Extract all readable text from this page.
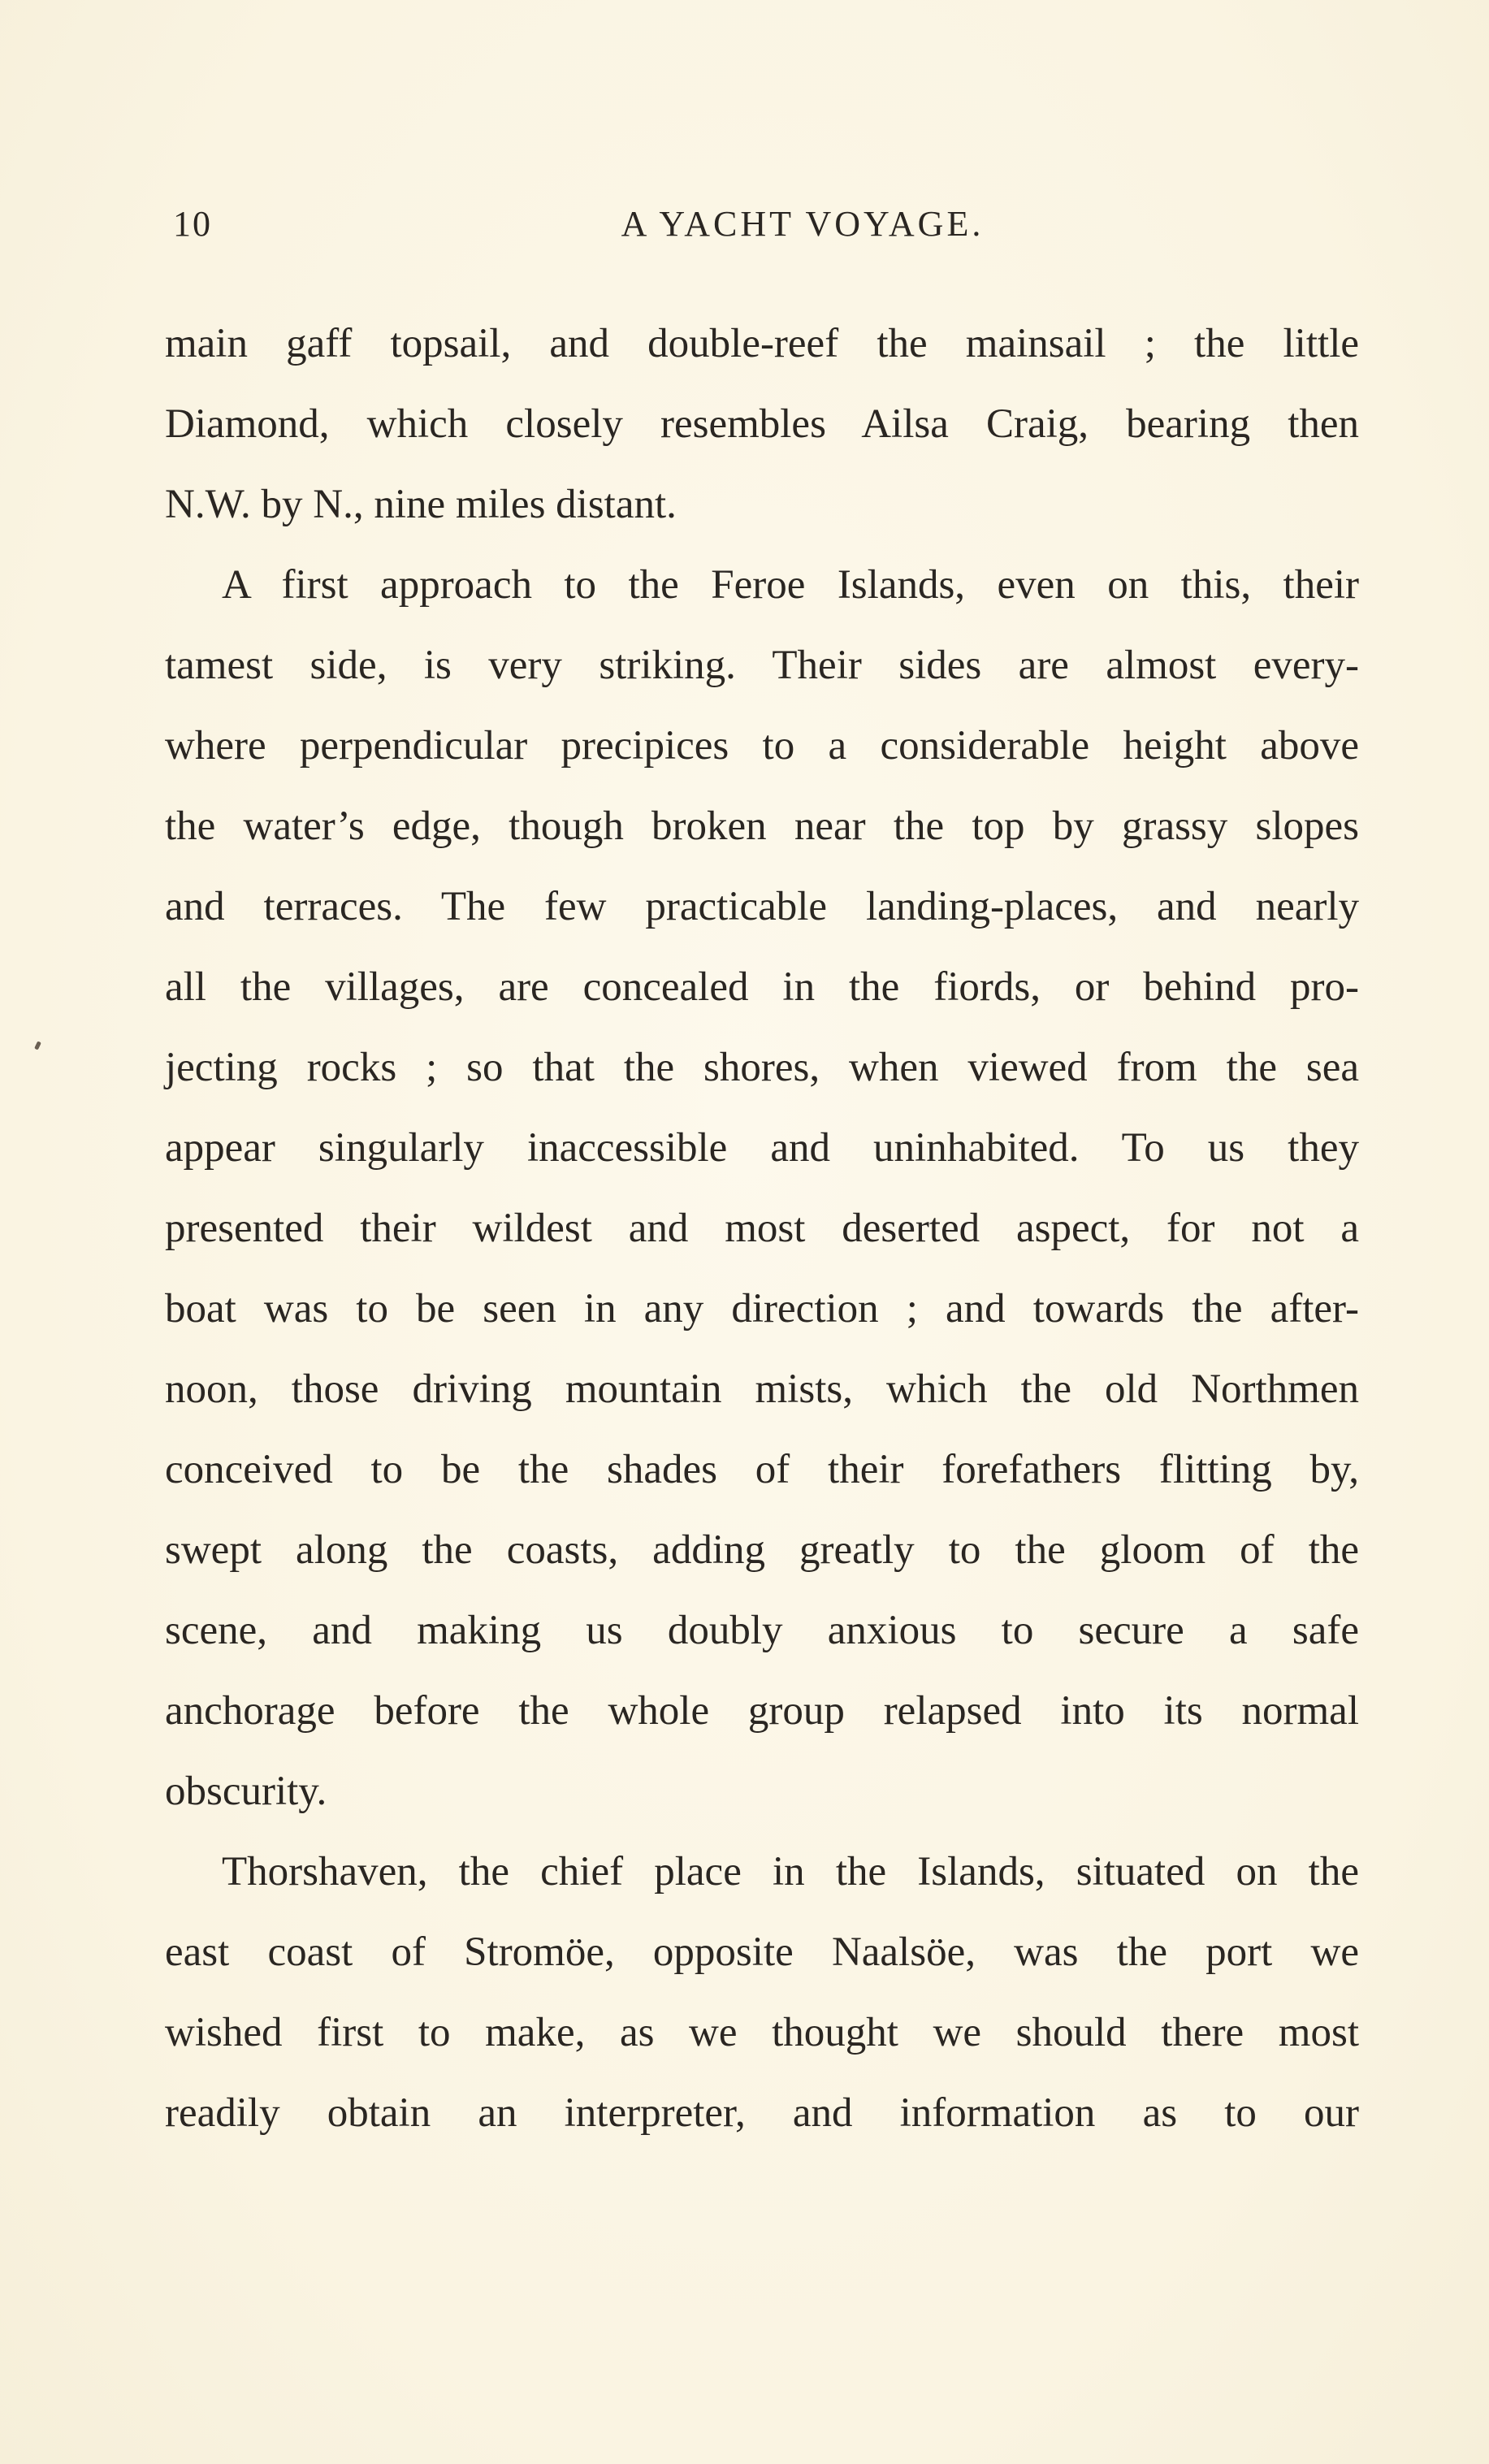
10	A YACHT VOYAGE.
main gaff topsail, and double-reef the mainsail ; the little
Diamond, which closely resembles Ailsa Craig, bearing then
N.W. by N., nine miles distant.
A first approach to the Feroe Islands, even on this, their
tamest side, is very striking. Their sides are almost every-
where perpendicular precipices to a considerable height above
the water’s edge, though broken near the top by grassy slopes
and terraces. The few practicable landing-places, and nearly
all the villages, are concealed in the fiords, or behind pro-
jecting rocks ; so that the shores, when viewed from the sea
appear singularly inaccessible and uninhabited. To us they
presented their wildest and most deserted aspect, for not a
boat was to be seen in any direction ; and towards the after-
noon, those driving mountain mists, which the old Northmen
conceived to be the shades of their forefathers flitting by,
swept along the coasts, adding greatly to the gloom of the
scene, and making us doubly anxious to secure a safe
anchorage before the whole group relapsed into its normal
obscurity.
Thorshaven, the chief place in the Islands, situated on the
east coast of Stromöe, opposite Naalsöe, was the port we
wished first to make, as we thought we should there most
readily obtain an interpreter, and information as to our
